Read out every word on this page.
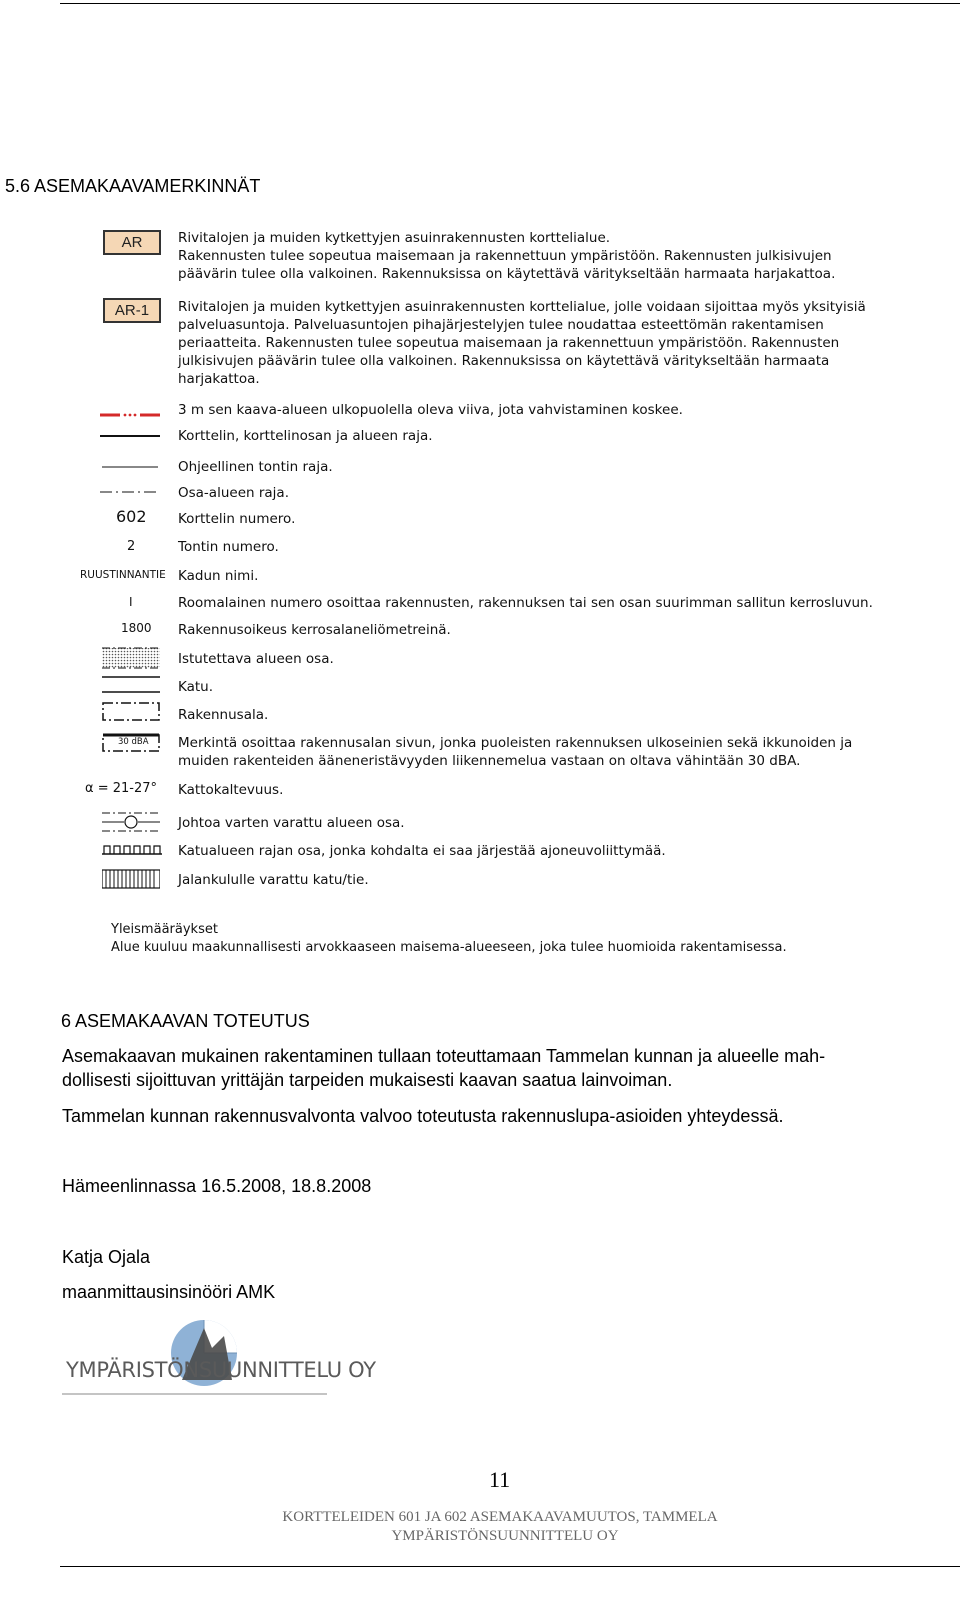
5.6 ASEMAKAAVAMERKINNÄT
AR	Rivitalojen ja muiden kytkettyjen asuinrakennusten korttelialue.
Rakennusten tulee sopeutua maisemaan ja rakennettuun ympäristöön. Rakennusten julkisivujen
päävärin tulee olla valkoinen. Rakennuksissa on käytettävä väritykseltään harmaata harjakattoa.
AR-1	Rivitalojen ja muiden kytkettyjen asuinrakennusten korttelialue, jolle voidaan sijoittaa myös yksityisiä
palveluasuntoja. Palveluasuntojen pihajärjestelyjen tulee noudattaa esteettömän rakentamisen
periaatteita. Rakennusten tulee sopeutua maisemaan ja rakennettuun ympäristöön. Rakennusten
julkisivujen päävärin tulee olla valkoinen. Rakennuksissa on käytettävä väritykseltään harmaata
harjakattoa.
3 m sen kaava-alueen ulkopuolella oleva viiva, jota vahvistaminen koskee.
Korttelin, korttelinosan ja alueen raja.
Ohjeellinen tontin raja.
Osa-alueen raja.
602 Korttelin numero.
2	Tontin numero.
RUUSTINNANTIE Kadun nimi.
I	Roomalainen numero osoittaa rakennusten, rakennuksen tai sen osan suurimman sallitun kerrosluvun.
1800 Rakennusoikeus kerrosalaneliömetreinä.
Istutettava alueen osa.
Katu.
Rakennusala.
30 dBA Merkintä osoittaa rakennusalan sivun, jonka puoleisten rakennuksen ulkoseinien sekä ikkunoiden ja
muiden rakenteiden ääneneristävyyden liikennemelua vastaan on oltava vähintään 30 dBA.
α = 21-27° Kattokaltevuus.
Johtoa varten varattu alueen osa.
Katualueen rajan osa, jonka kohdalta ei saa järjestää ajoneuvoliittymää.
Jalankululle varattu katu/tie.
Yleismääräykset
Alue kuuluu maakunnallisesti arvokkaaseen maisema-alueeseen, joka tulee huomioida rakentamisessa.
6 ASEMAKAAVAN TOTEUTUS
Asemakaavan mukainen rakentaminen tullaan toteuttamaan Tammelan kunnan ja alueelle mah-
dollisesti sijoittuvan yrittäjän tarpeiden mukaisesti kaavan saatua lainvoiman.
Tammelan kunnan rakennusvalvonta valvoo toteutusta rakennuslupa-asioiden yhteydessä.
Hämeenlinnassa 16.5.2008, 18.8.2008
Katja Ojala
maanmittausinsinööri AMK
YMPÄRISTÖNSUUNNITTELU OY
11
KORTTELEIDEN 601 JA 602 ASEMAKAAVAMUUTOS, TAMMELA
YMPÄRISTÖNSUUNNITTELU OY
